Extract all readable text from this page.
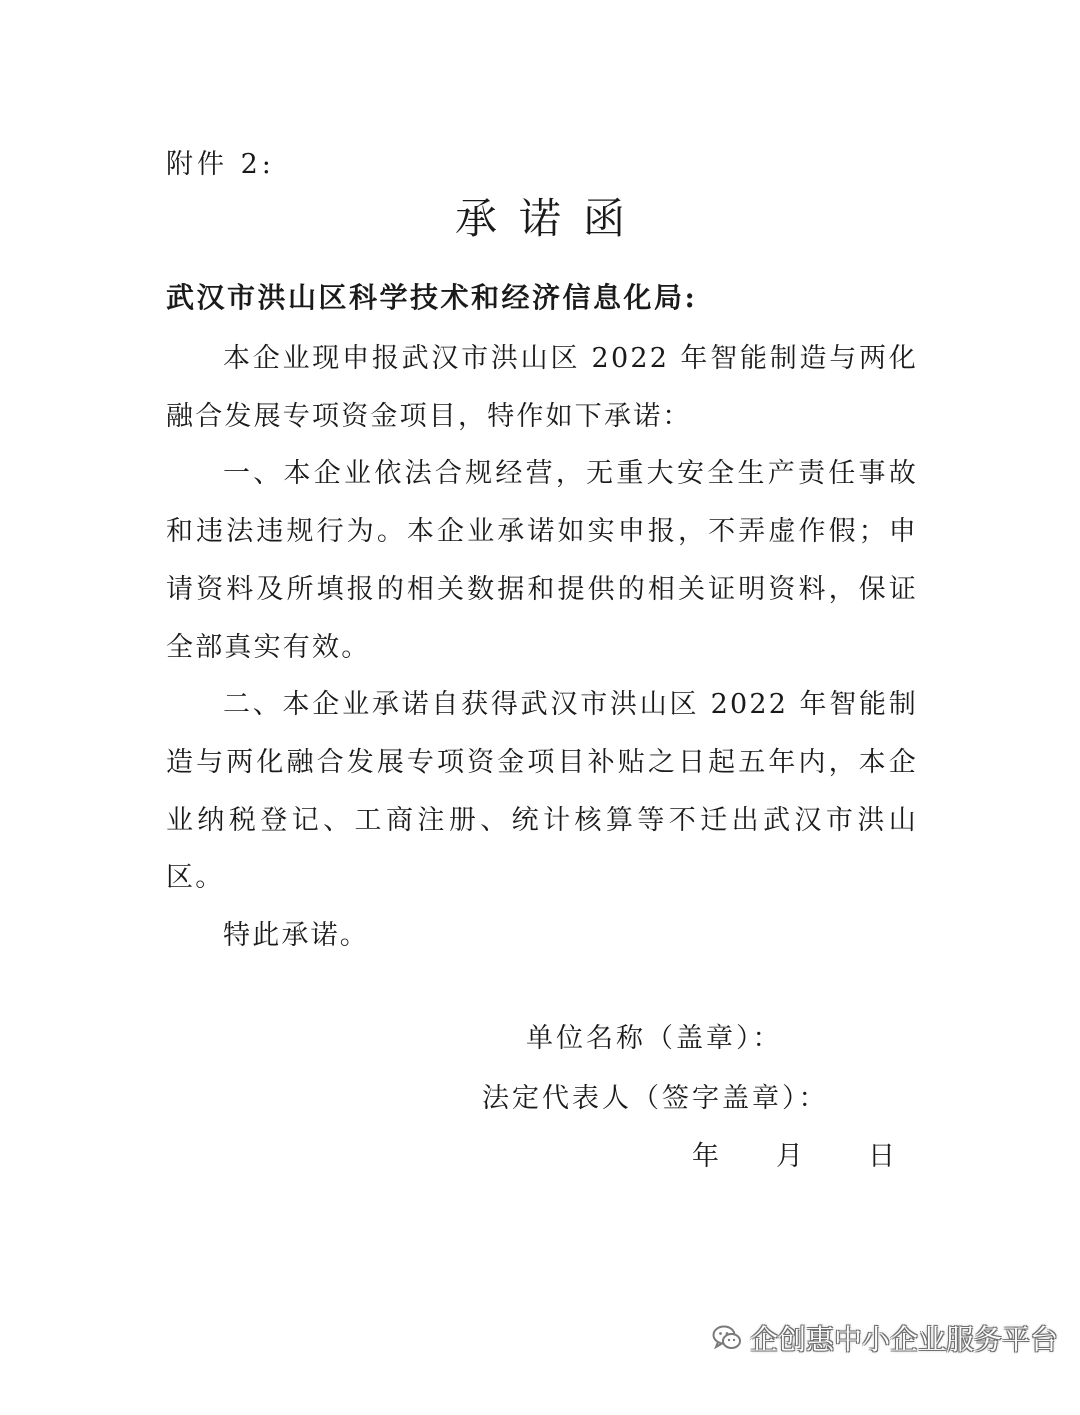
附件 2:
承诺函
武汉市洪山区科学技术和经济信息化局:

本企业现申报武汉市洪山区 2022 年智能制造与两化融合发展专项资金项目，特作如下承诺：

一、本企业依法合规经营，无重大安全生产责任事故和违法违规行为。本企业承诺如实申报，不弄虚作假；申请资料及所填报的相关数据和提供的相关证明资料，保证全部真实有效。

二、本企业承诺自获得武汉市洪山区 2022 年智能制造与两化融合发展专项资金项目补贴之日起五年内，本企业纳税登记、工商注册、统计核算等不迁出武汉市洪山区。

特此承诺。

单位名称（盖章）：
法定代表人（签字盖章）：
年 月 日
企创惠中小企业服务平台
